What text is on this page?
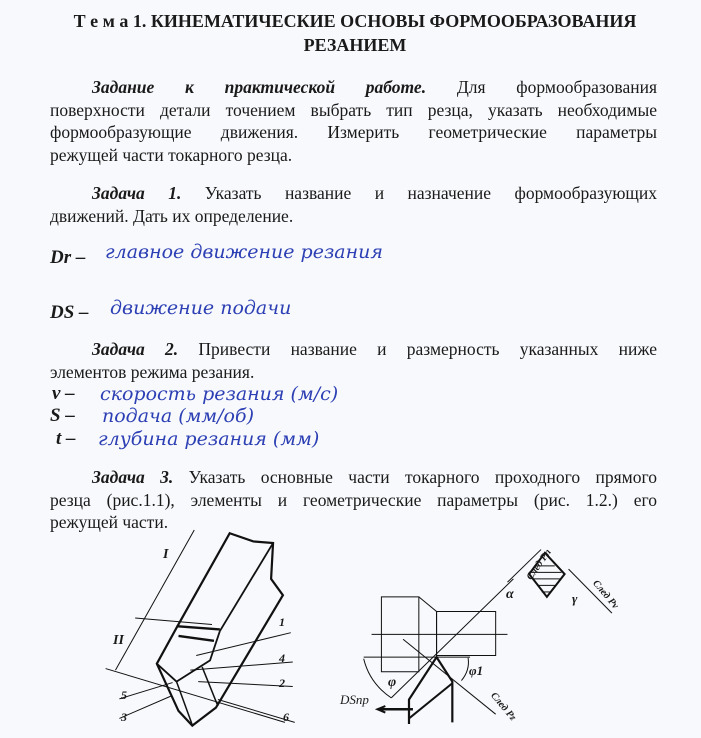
Т е м а 1. КИНЕМАТИЧЕСКИЕ ОСНОВЫ ФОРМООБРАЗОВАНИЯ
РЕЗАНИЕМ
Задание к практической работе. Для формообразования
поверхности детали точением выбрать тип резца, указать необходимые
формообразующие движения. Измерить геометрические параметры
режущей части токарного резца.
Задача 1. Указать название и назначение формообразующих
движений. Дать их определение.
Dr – главное движение резания
DS – движение подачи
Задача 2. Привести название и размерность указанных ниже
элементов режима резания.
v – скорость резания (м/с)
S – подача (мм/об)
t – глубина резания (мм)
Задача 3. Указать основные части токарного проходного прямого
резца (рис.1.1), элементы и геометрические параметры (рис. 1.2.) его
режущей части.
I
II
1
4
2
5
3	6
DSпр
φ
φ1
След Pz
α	γ
След Pn
След Pv
